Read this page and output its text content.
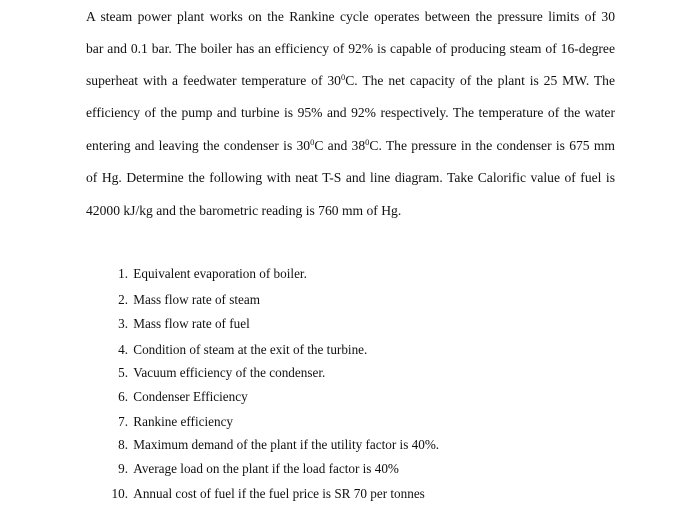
A steam power plant works on the Rankine cycle operates between the pressure limits of 30
bar and 0.1 bar. The boiler has an efficiency of 92% is capable of producing steam of 16-degree
superheat with a feedwater temperature of $30^0C$. The net capacity of the plant is 25 MW. The
efficiency of the pump and turbine is 95% and 92% respectively. The temperature of the water
entering and leaving the condenser is $30^0C$ and $38^0C$. The pressure in the condenser is 675 mm
of Hg. Determine the following with neat T-S and line diagram. Take Calorific value of fuel is
42000 kJ/kg and the barometric reading is 760 mm of Hg.
1. Equivalent evaporation of boiler.
2. Mass flow rate of steam
3. Mass flow rate of fuel
4. Condition of steam at the exit of the turbine.
5. Vacuum efficiency of the condenser.
6. Condenser Efficiency
7. Rankine efficiency
8. Maximum demand of the plant if the utility factor is 40%.
9. Average load on the plant if the load factor is 40%
10. Annual cost of fuel if the fuel price is SR 70 per tonnes
